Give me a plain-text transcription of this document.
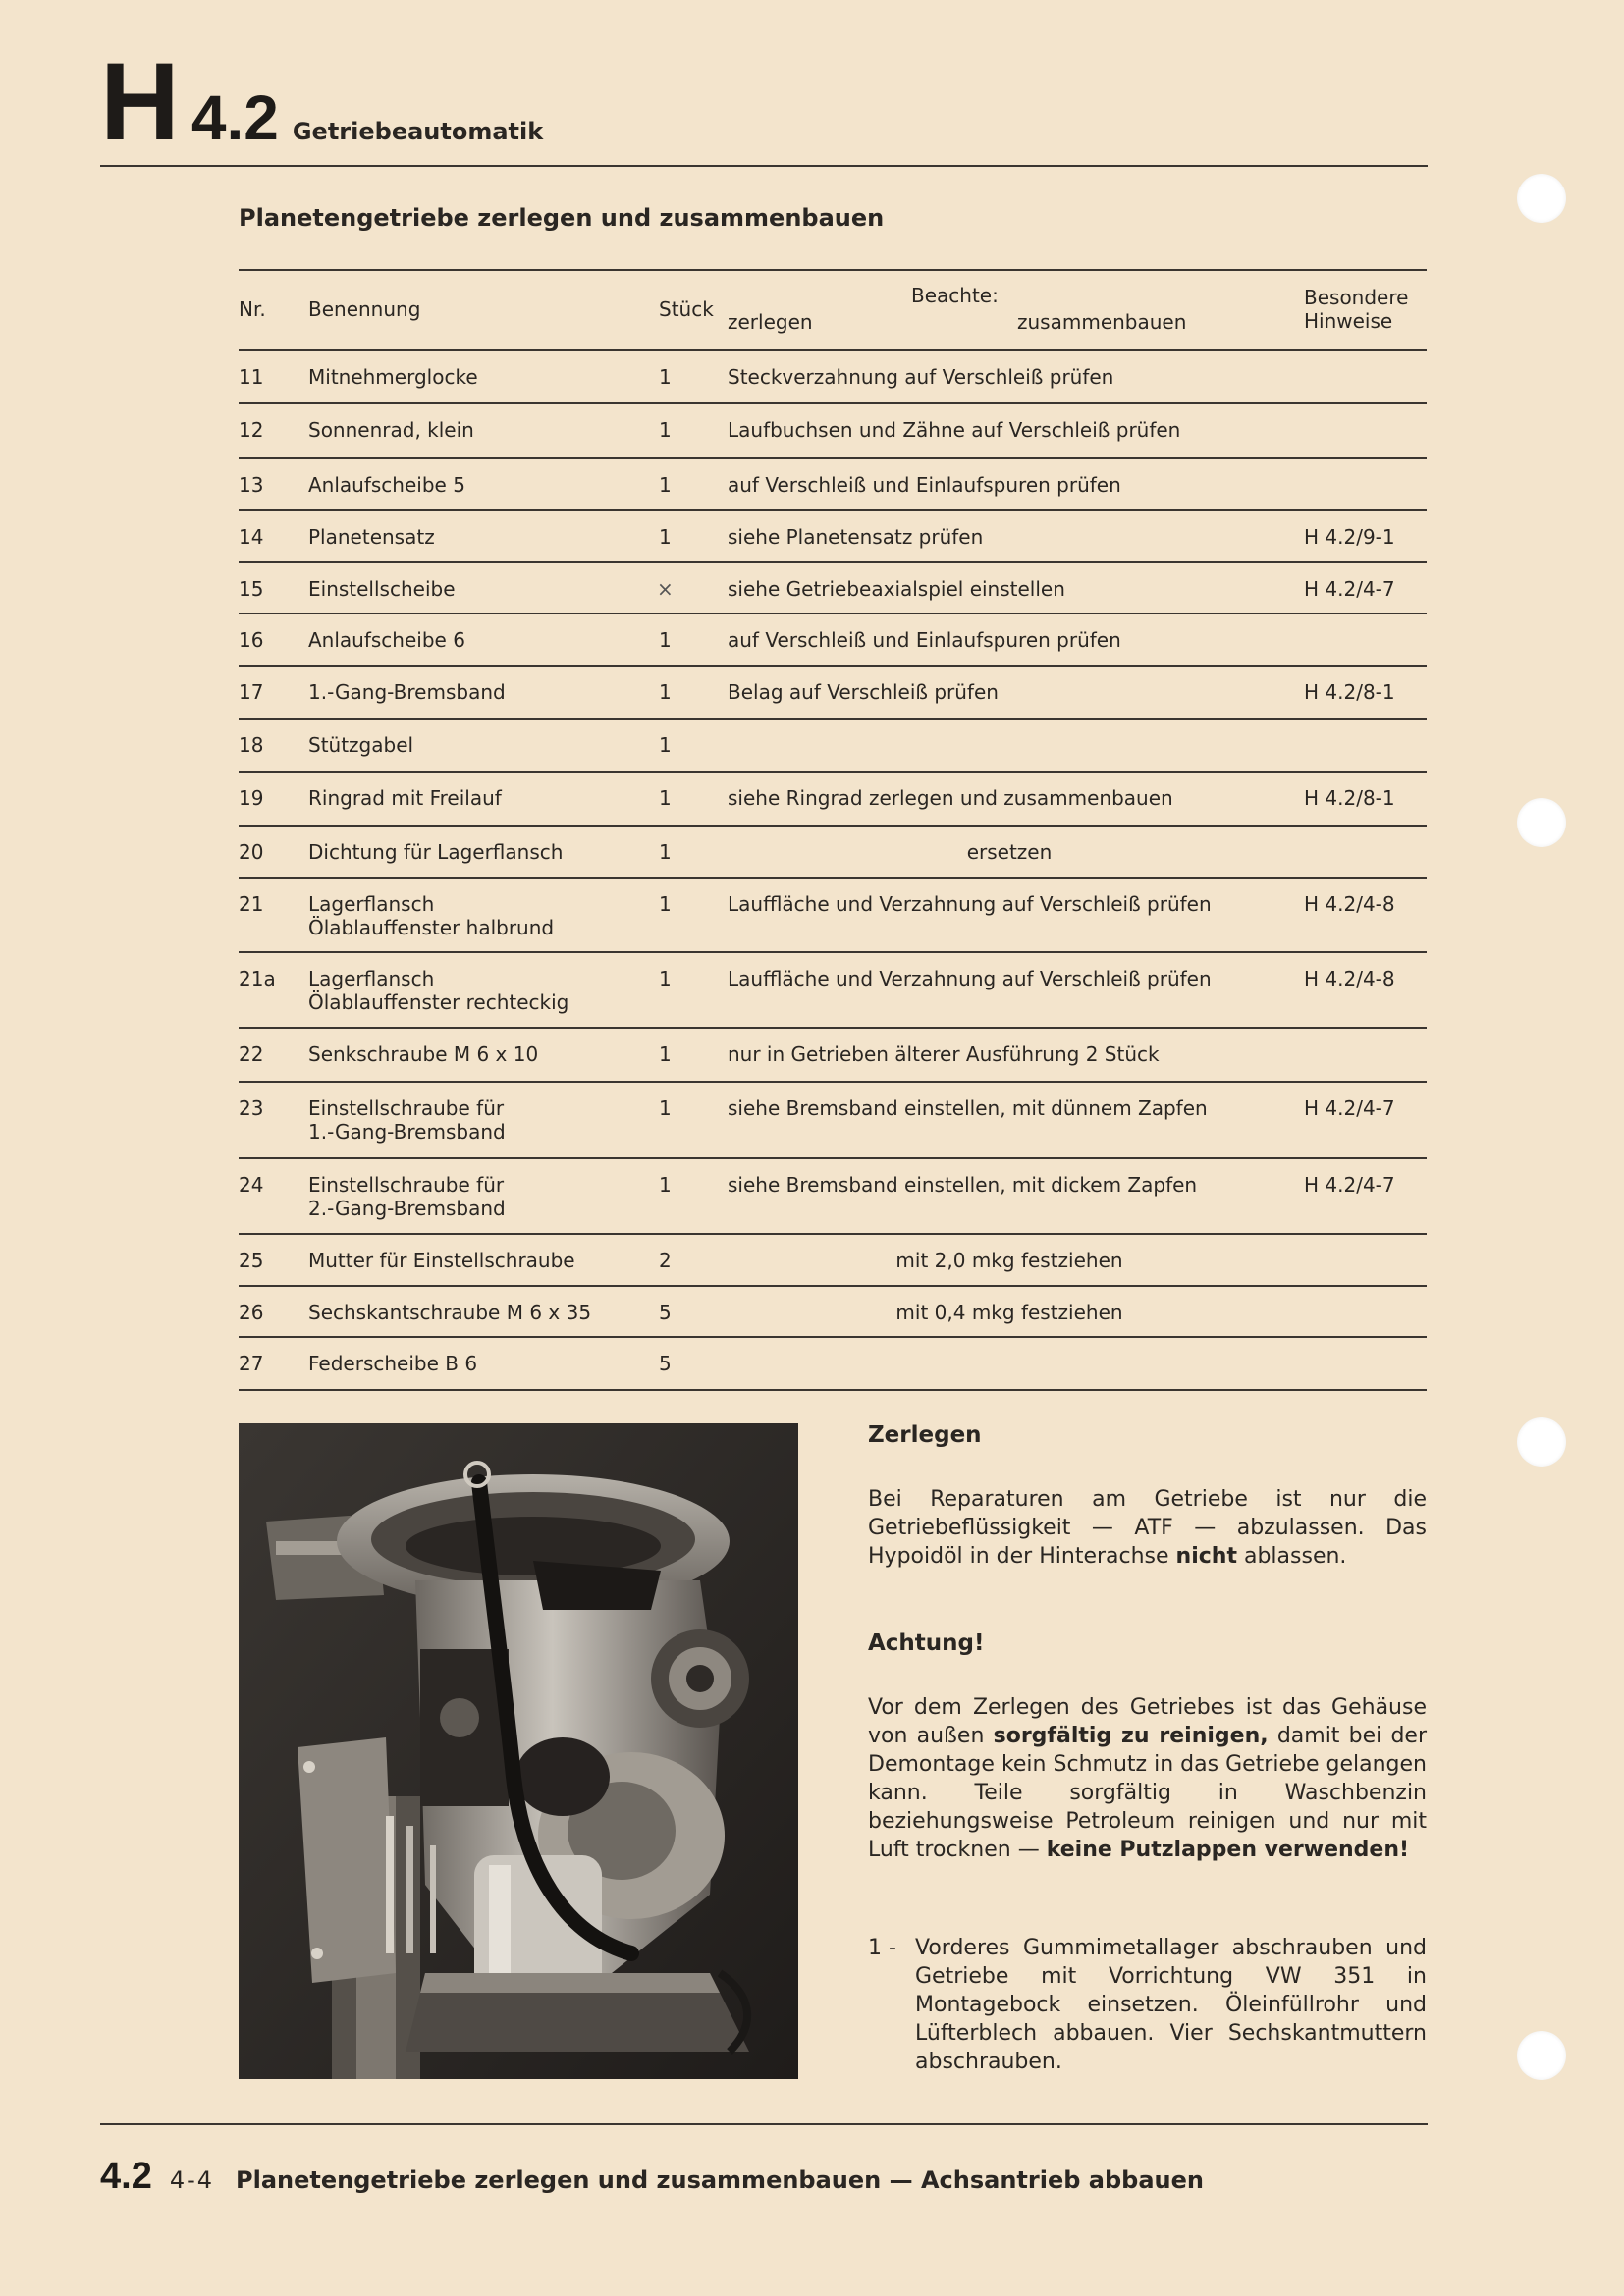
H 4.2 Getriebeautomatik
Planetengetriebe zerlegen und zusammenbauen
Nr. Benennung	Stück
Beachte:
zerlegen	zusammenbauen
Besondere
Hinweise
11 Mitnehmerglocke	1	Steckverzahnung auf Verschleiß prüfen
12 Sonnenrad, klein	1	Laufbuchsen und Zähne auf Verschleiß prüfen
13 Anlaufscheibe 5	1	auf Verschleiß und Einlaufspuren prüfen
14 Planetensatz	1	siehe Planetensatz prüfen	H 4.2/9-1
15 Einstellscheibe	×	siehe Getriebeaxialspiel einstellen	H 4.2/4-7
16 Anlaufscheibe 6	1	auf Verschleiß und Einlaufspuren prüfen
17 1.-Gang-Bremsband	1	Belag auf Verschleiß prüfen	H 4.2/8-1
18 Stützgabel	1
19 Ringrad mit Freilauf	1	siehe Ringrad zerlegen und zusammenbauen	H 4.2/8-1
20 Dichtung für Lagerflansch	1	ersetzen
21 Lagerflansch
Ölablauffenster halbrund
1	Lauffläche und Verzahnung auf Verschleiß prüfen	H 4.2/4-8
21a Lagerflansch
Ölablauffenster rechteckig
1	Lauffläche und Verzahnung auf Verschleiß prüfen	H 4.2/4-8
22 Senkschraube M 6 x 10	1	nur in Getrieben älterer Ausführung 2 Stück
23 Einstellschraube für
1.-Gang-Bremsband
1	siehe Bremsband einstellen, mit dünnem Zapfen	H 4.2/4-7
24 Einstellschraube für
2.-Gang-Bremsband
1	siehe Bremsband einstellen, mit dickem Zapfen	H 4.2/4-7
25 Mutter für Einstellschraube	2	mit 2,0 mkg festziehen
26 Sechskantschraube M 6 x 35	5	mit 0,4 mkg festziehen
27 Federscheibe B 6	5
Zerlegen
Bei Reparaturen am Getriebe ist nur die Getriebeflüssigkeit — ATF — abzulassen. Das Hypoidöl in der Hinterachse nicht ablassen.
Achtung!
Vor dem Zerlegen des Getriebes ist das Gehäuse von außen sorgfältig zu reinigen, damit bei der Demontage kein Schmutz in das Getriebe gelangen kann. Teile sorgfältig in Waschbenzin beziehungsweise Petroleum reinigen und nur mit Luft trocknen — keine Putzlappen verwenden!
1 - Vorderes Gummimetallager abschrauben und Getriebe mit Vorrichtung VW 351 in Montagebock einsetzen. Öleinfüllrohr und Lüfterblech abbauen. Vier Sechskantmuttern abschrauben.
4.2 4-4 Planetengetriebe zerlegen und zusammenbauen — Achsantrieb abbauen
